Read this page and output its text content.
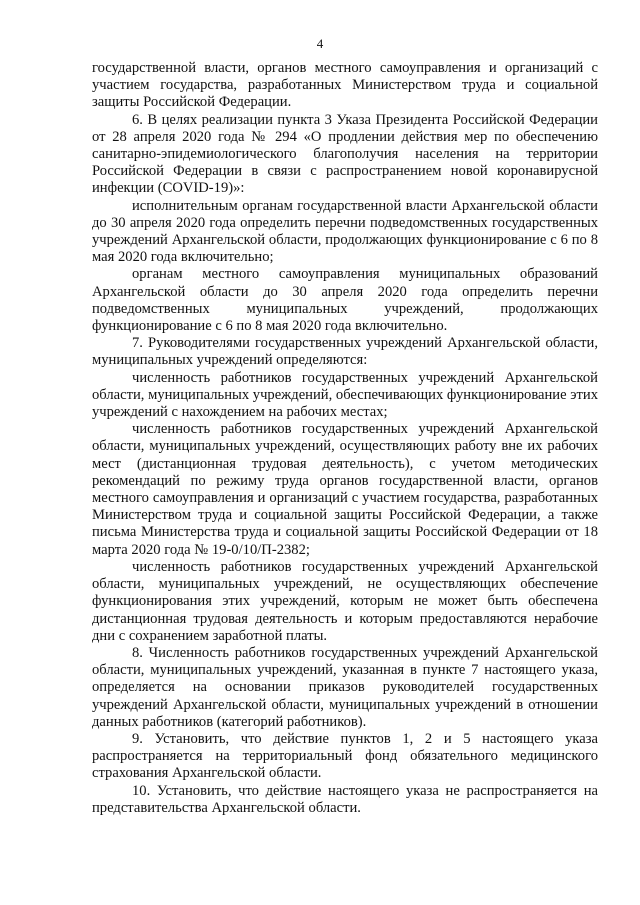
4

государственной власти, органов местного самоуправления и организаций с участием государства, разработанных Министерством труда и социальной защиты Российской Федерации.

6. В целях реализации пункта 3 Указа Президента Российской Федерации от 28 апреля 2020 года № 294 «О продлении действия мер по обеспечению санитарно-эпидемиологического благополучия населения на территории Российской Федерации в связи с распространением новой коронавирусной инфекции (COVID-19)»:

исполнительным органам государственной власти Архангельской области до 30 апреля 2020 года определить перечни подведомственных государственных учреждений Архангельской области, продолжающих функционирование с 6 по 8 мая 2020 года включительно;

органам местного самоуправления муниципальных образований Архангельской области до 30 апреля 2020 года определить перечни подведомственных муниципальных учреждений, продолжающих функционирование с 6 по 8 мая 2020 года включительно.

7. Руководителями государственных учреждений Архангельской области, муниципальных учреждений определяются:

численность работников государственных учреждений Архангельской области, муниципальных учреждений, обеспечивающих функционирование этих учреждений с нахождением на рабочих местах;

численность работников государственных учреждений Архангельской области, муниципальных учреждений, осуществляющих работу вне их рабочих мест (дистанционная трудовая деятельность), с учетом методических рекомендаций по режиму труда органов государственной власти, органов местного самоуправления и организаций с участием государства, разработанных Министерством труда и социальной защиты Российской Федерации, а также письма Министерства труда и социальной защиты Российской Федерации от 18 марта 2020 года № 19-0/10/П-2382;

численность работников государственных учреждений Архангельской области, муниципальных учреждений, не осуществляющих обеспечение функционирования этих учреждений, которым не может быть обеспечена дистанционная трудовая деятельность и которым предоставляются нерабочие дни с сохранением заработной платы.

8. Численность работников государственных учреждений Архангельской области, муниципальных учреждений, указанная в пункте 7 настоящего указа, определяется на основании приказов руководителей государственных учреждений Архангельской области, муниципальных учреждений в отношении данных работников (категорий работников).

9. Установить, что действие пунктов 1, 2 и 5 настоящего указа распространяется на территориальный фонд обязательного медицинского страхования Архангельской области.

10. Установить, что действие настоящего указа не распространяется на представительства Архангельской области.
